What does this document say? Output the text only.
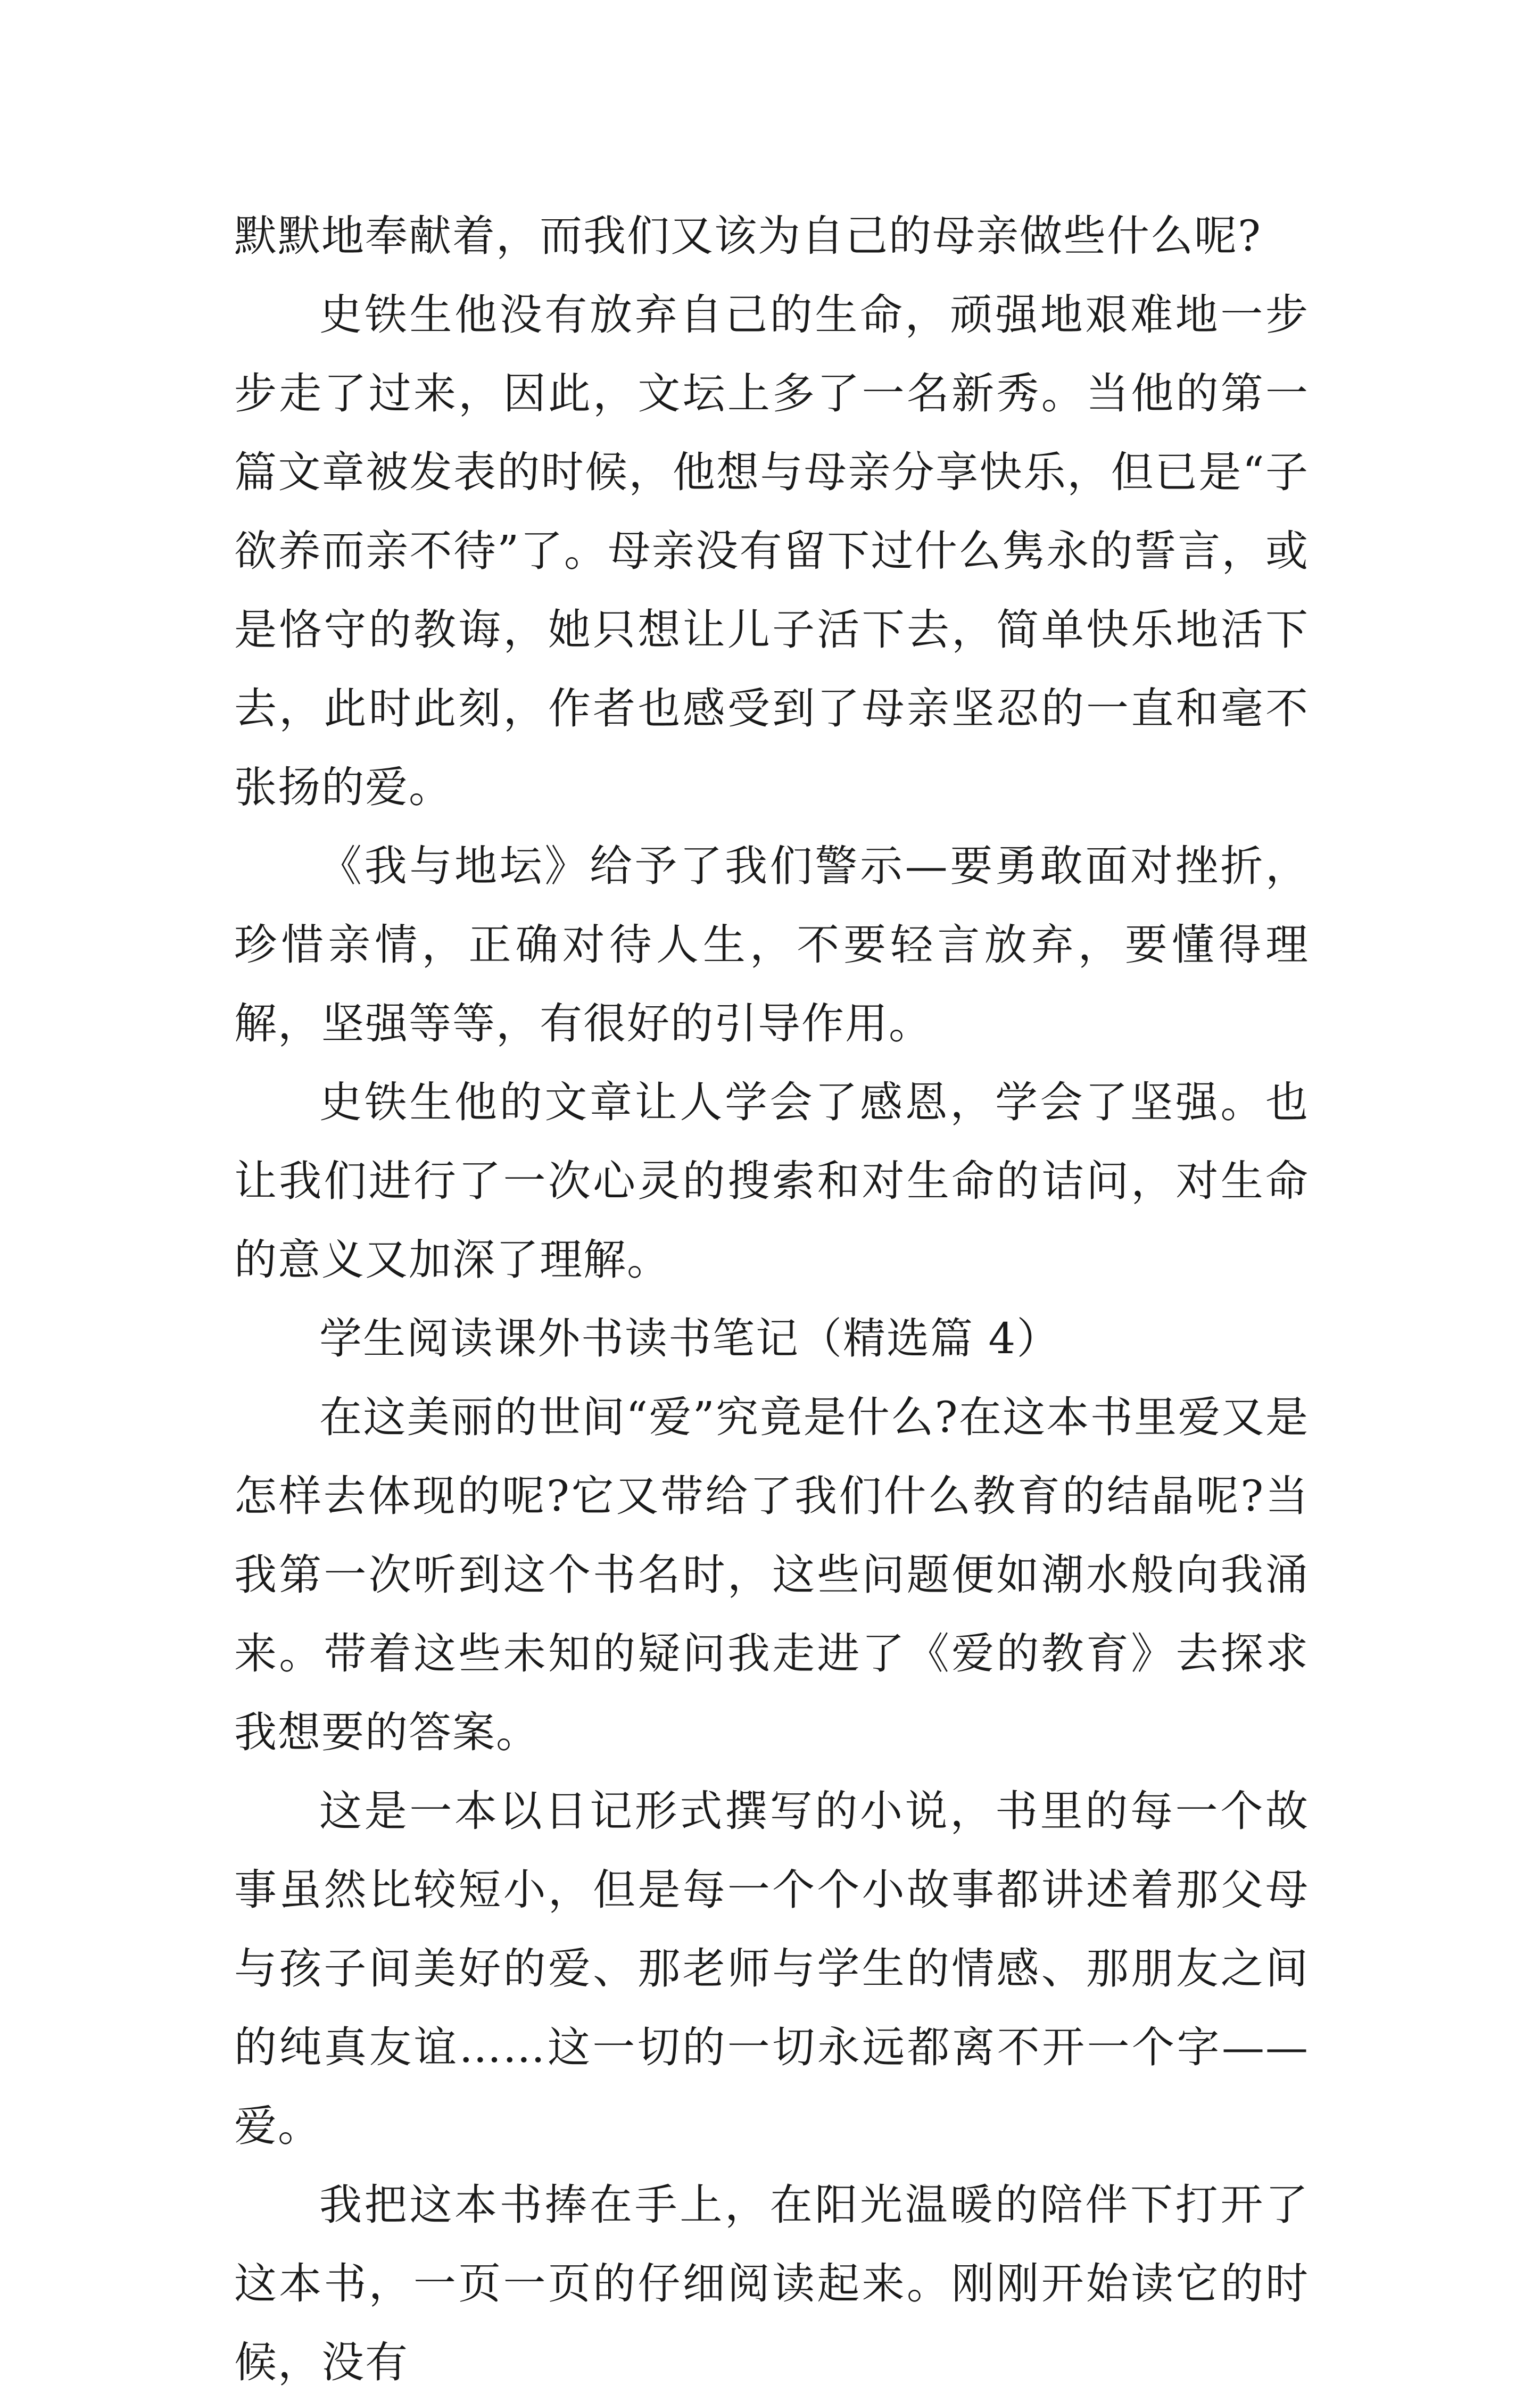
默默地奉献着，而我们又该为自己的母亲做些什么呢?

史铁生他没有放弃自己的生命，顽强地艰难地一步步走了过来，因此，文坛上多了一名新秀。当他的第一篇文章被发表的时候，他想与母亲分享快乐，但已是“子欲养而亲不待”了。母亲没有留下过什么隽永的誓言，或是恪守的教诲，她只想让儿子活下去，简单快乐地活下去，此时此刻，作者也感受到了母亲坚忍的一直和毫不张扬的爱。

《我与地坛》给予了我们警示—要勇敢面对挫折，珍惜亲情，正确对待人生，不要轻言放弃，要懂得理解，坚强等等，有很好的引导作用。

史铁生他的文章让人学会了感恩，学会了坚强。也让我们进行了一次心灵的搜索和对生命的诘问，对生命的意义又加深了理解。

学生阅读课外书读书笔记（精选篇 4）

在这美丽的世间“爱”究竟是什么?在这本书里爱又是怎样去体现的呢?它又带给了我们什么教育的结晶呢?当我第一次听到这个书名时，这些问题便如潮水般向我涌来。带着这些未知的疑问我走进了《爱的教育》去探求我想要的答案。

这是一本以日记形式撰写的小说，书里的每一个故事虽然比较短小，但是每一个个小故事都讲述着那父母与孩子间美好的爱、那老师与学生的情感、那朋友之间的纯真友谊……这一切的一切永远都离不开一个字——爱。

我把这本书捧在手上，在阳光温暖的陪伴下打开了这本书，一页一页的仔细阅读起来。刚刚开始读它的时候，没有
